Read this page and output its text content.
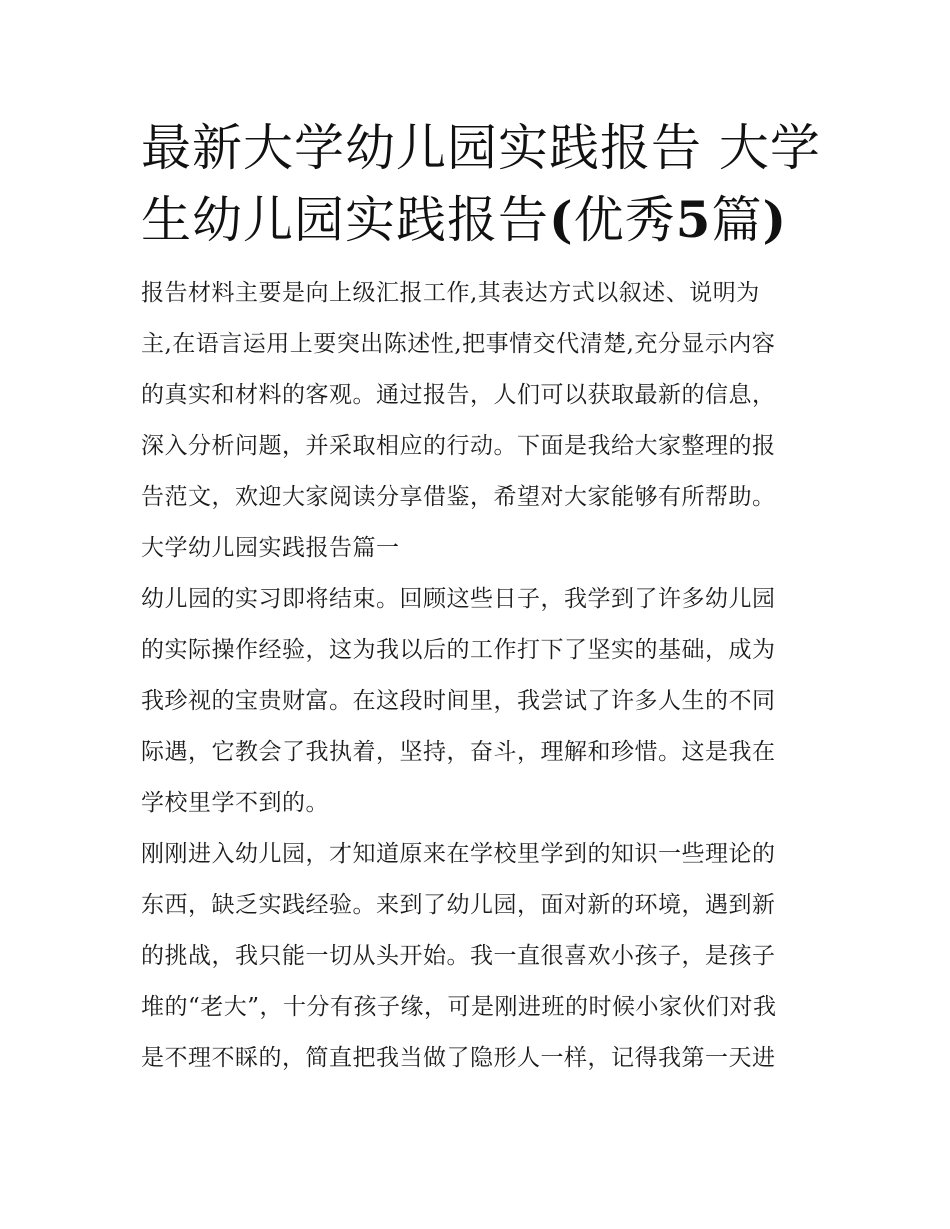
最新大学幼儿园实践报告 大学
生幼儿园实践报告(优秀5篇)

报告材料主要是向上级汇报工作,其表达方式以叙述、说明为
主,在语言运用上要突出陈述性,把事情交代清楚,充分显示内容
的真实和材料的客观。通过报告，人们可以获取最新的信息，
深入分析问题，并采取相应的行动。下面是我给大家整理的报
告范文，欢迎大家阅读分享借鉴，希望对大家能够有所帮助。

大学幼儿园实践报告篇一

幼儿园的实习即将结束。回顾这些日子，我学到了许多幼儿园
的实际操作经验，这为我以后的工作打下了坚实的基础，成为
我珍视的宝贵财富。在这段时间里，我尝试了许多人生的不同
际遇，它教会了我执着，坚持，奋斗，理解和珍惜。这是我在
学校里学不到的。

刚刚进入幼儿园，才知道原来在学校里学到的知识一些理论的
东西，缺乏实践经验。来到了幼儿园，面对新的环境，遇到新
的挑战，我只能一切从头开始。我一直很喜欢小孩子，是孩子
堆的“老大”，十分有孩子缘，可是刚进班的时候小家伙们对我
是不理不睬的，简直把我当做了隐形人一样，记得我第一天进
